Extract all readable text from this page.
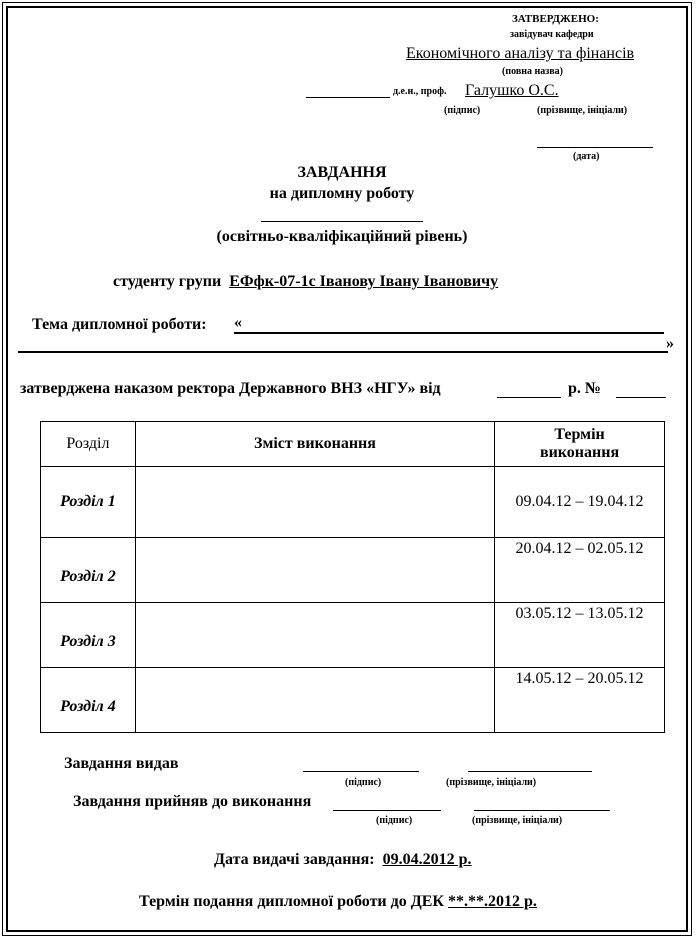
ЗАТВЕРДЖЕНО:
завідувач кафедри
Економічного аналізу та фінансів
(повна назва)
д.е.н., проф. Галушко О.С.
(підпис)	(прізвище, ініціали)
(дата)
ЗАВДАННЯ
на дипломну роботу
(освітньо-кваліфікаційний рівень)
студенту групи ЕФфк-07-1с Іванову Івану Івановичу
Тема дипломної роботи: «
»
затверджена наказом ректора Державного ВНЗ «НГУ» від	р. №
Розділ	Зміст виконання	Термін виконання
Розділ 1		09.04.12 – 19.04.12
Розділ 2		20.04.12 – 02.05.12
Розділ 3		03.05.12 – 13.05.12
Розділ 4		14.05.12 – 20.05.12
Завдання видав
(підпис)	(прізвище, ініціали)
Завдання прийняв до виконання
(підпис)	(прізвище, ініціали)
Дата видачі завдання: 09.04.2012 р.
Термін подання дипломної роботи до ДЕК **.**.2012 р.
